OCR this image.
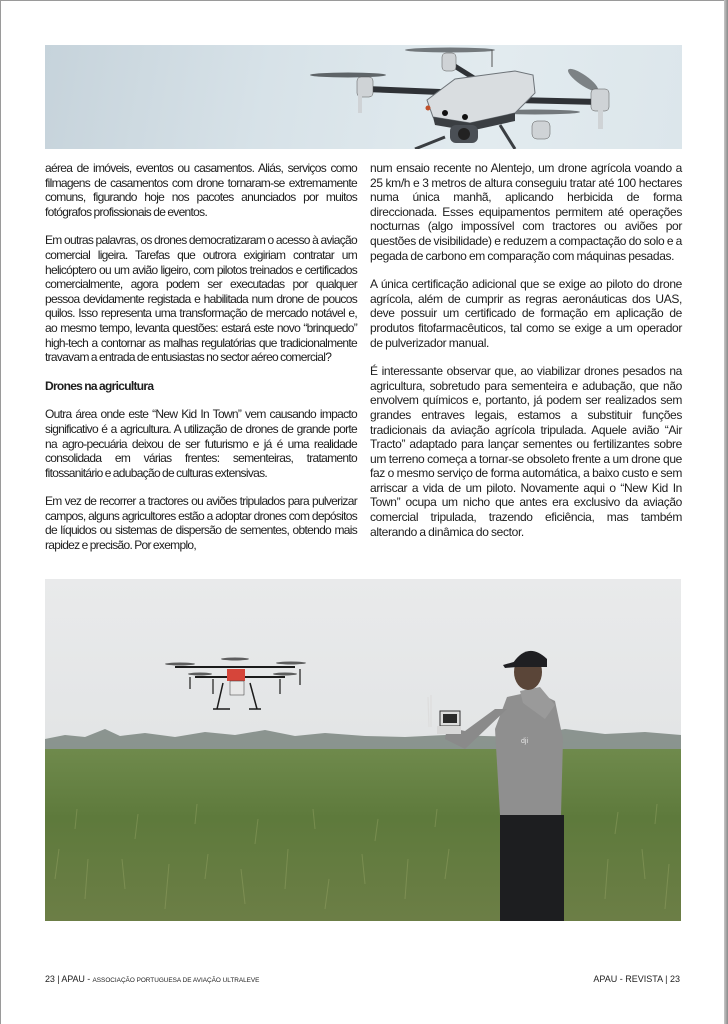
aérea de imóveis, eventos ou casamentos. Aliás, serviços como filmagens de casamentos com drone tornaram-se extremamente comuns, figurando hoje nos pacotes anunciados por muitos fotógrafos profissionais de eventos.

Em outras palavras, os drones democratizaram o acesso à aviação comercial ligeira. Tarefas que outrora exigiriam contratar um helicóptero ou um avião ligeiro, com pilotos treinados e certificados comercialmente, agora podem ser executadas por qualquer pessoa devidamente registada e habilitada num drone de poucos quilos. Isso representa uma transformação de mercado notável e, ao mesmo tempo, levanta questões: estará este novo “brinquedo” high-tech a contornar as malhas regulatórias que tradicionalmente travavam a entrada de entusiastas no sector aéreo comercial?

Drones na agricultura

Outra área onde este “New Kid In Town” vem causando impacto significativo é a agricultura. A utilização de drones de grande porte na agro-pecuária deixou de ser futurismo e já é uma realidade consolidada em várias frentes: sementeiras, tratamento fitossanitário e adubação de culturas extensivas.

Em vez de recorrer a tractores ou aviões tripulados para pulverizar campos, alguns agricultores estão a adoptar drones com depósitos de líquidos ou sistemas de dispersão de sementes, obtendo mais rapidez e precisão. Por exemplo,

num ensaio recente no Alentejo, um drone agrícola voando a 25 km/h e 3 metros de altura conseguiu tratar até 100 hectares numa única manhã, aplicando herbicida de forma direccionada. Esses equipamentos permitem até operações nocturnas (algo impossível com tractores ou aviões por questões de visibilidade) e reduzem a compactação do solo e a pegada de carbono em comparação com máquinas pesadas.

A única certificação adicional que se exige ao piloto do drone agrícola, além de cumprir as regras aeronáuticas dos UAS, deve possuir um certificado de formação em aplicação de produtos fitofarmacêuticos, tal como se exige a um operador de pulverizador manual.

É interessante observar que, ao viabilizar drones pesados na agricultura, sobretudo para sementeira e adubação, que não envolvem químicos e, portanto, já podem ser realizados sem grandes entraves legais, estamos a substituir funções tradicionais da aviação agrícola tripulada. Aquele avião “Air Tracto” adaptado para lançar sementes ou fertilizantes sobre um terreno começa a tornar-se obsoleto frente a um drone que faz o mesmo serviço de forma automática, a baixo custo e sem arriscar a vida de um piloto. Novamente aqui o “New Kid In Town” ocupa um nicho que antes era exclusivo da aviação comercial tripulada, trazendo eficiência, mas também alterando a dinâmica do sector.

dji
23 | APAU - ASSOCIAÇÃO PORTUGUESA DE AVIAÇÃO ULTRALEVE	APAU - REVISTA | 23
